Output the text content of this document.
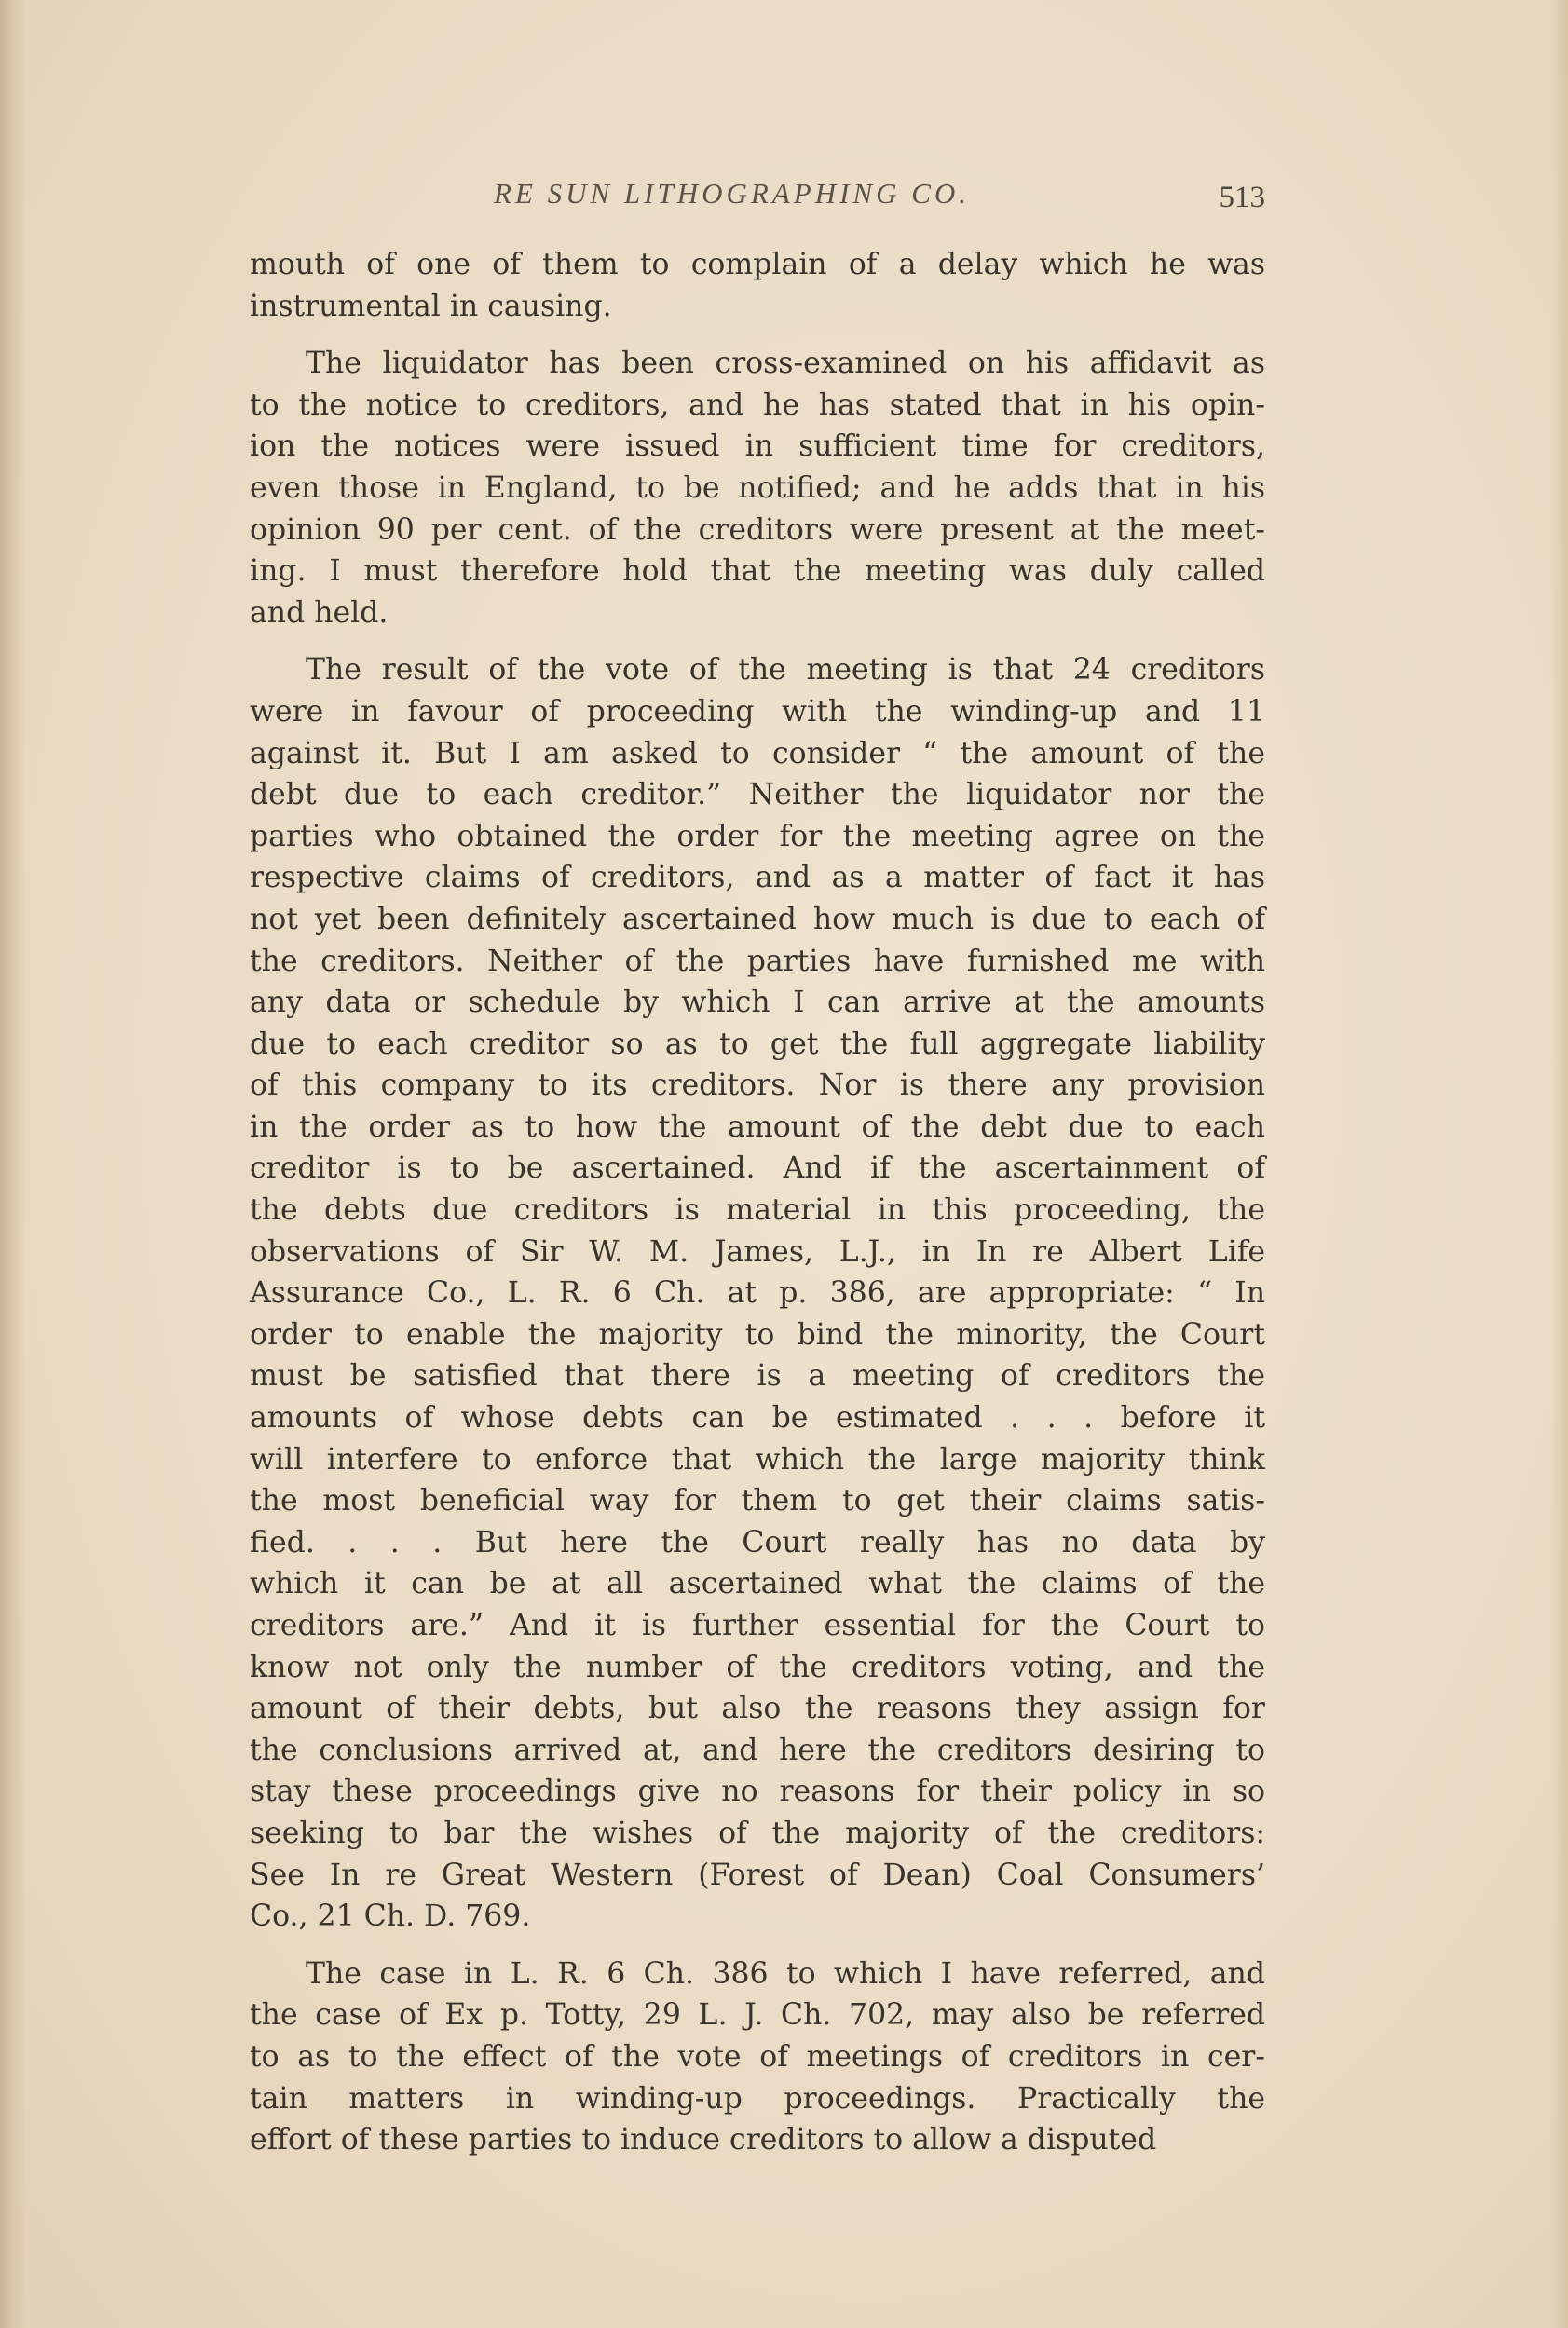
RE SUN LITHOGRAPHING CO.	513
mouth of one of them to complain of a delay which he was
instrumental in causing.
The liquidator has been cross-examined on his affidavit as
to the notice to creditors, and he has stated that in his opin-
ion the notices were issued in sufficient time for creditors,
even those in England, to be notified; and he adds that in his
opinion 90 per cent. of the creditors were present at the meet-
ing. I must therefore hold that the meeting was duly called
and held.
The result of the vote of the meeting is that 24 creditors
were in favour of proceeding with the winding-up and 11
against it. But I am asked to consider “ the amount of the
debt due to each creditor.” Neither the liquidator nor the
parties who obtained the order for the meeting agree on the
respective claims of creditors, and as a matter of fact it has
not yet been definitely ascertained how much is due to each of
the creditors. Neither of the parties have furnished me with
any data or schedule by which I can arrive at the amounts
due to each creditor so as to get the full aggregate liability
of this company to its creditors. Nor is there any provision
in the order as to how the amount of the debt due to each
creditor is to be ascertained. And if the ascertainment of
the debts due creditors is material in this proceeding, the
observations of Sir W. M. James, L.J., in In re Albert Life
Assurance Co., L. R. 6 Ch. at p. 386, are appropriate: “ In
order to enable the majority to bind the minority, the Court
must be satisfied that there is a meeting of creditors the
amounts of whose debts can be estimated . . . before it
will interfere to enforce that which the large majority think
the most beneficial way for them to get their claims satis-
fied. . . . But here the Court really has no data by
which it can be at all ascertained what the claims of the
creditors are.” And it is further essential for the Court to
know not only the number of the creditors voting, and the
amount of their debts, but also the reasons they assign for
the conclusions arrived at, and here the creditors desiring to
stay these proceedings give no reasons for their policy in so
seeking to bar the wishes of the majority of the creditors:
See In re Great Western (Forest of Dean) Coal Consumers’
Co., 21 Ch. D. 769.
The case in L. R. 6 Ch. 386 to which I have referred, and
the case of Ex p. Totty, 29 L. J. Ch. 702, may also be referred
to as to the effect of the vote of meetings of creditors in cer-
tain matters in winding-up proceedings. Practically the
effort of these parties to induce creditors to allow a disputed
